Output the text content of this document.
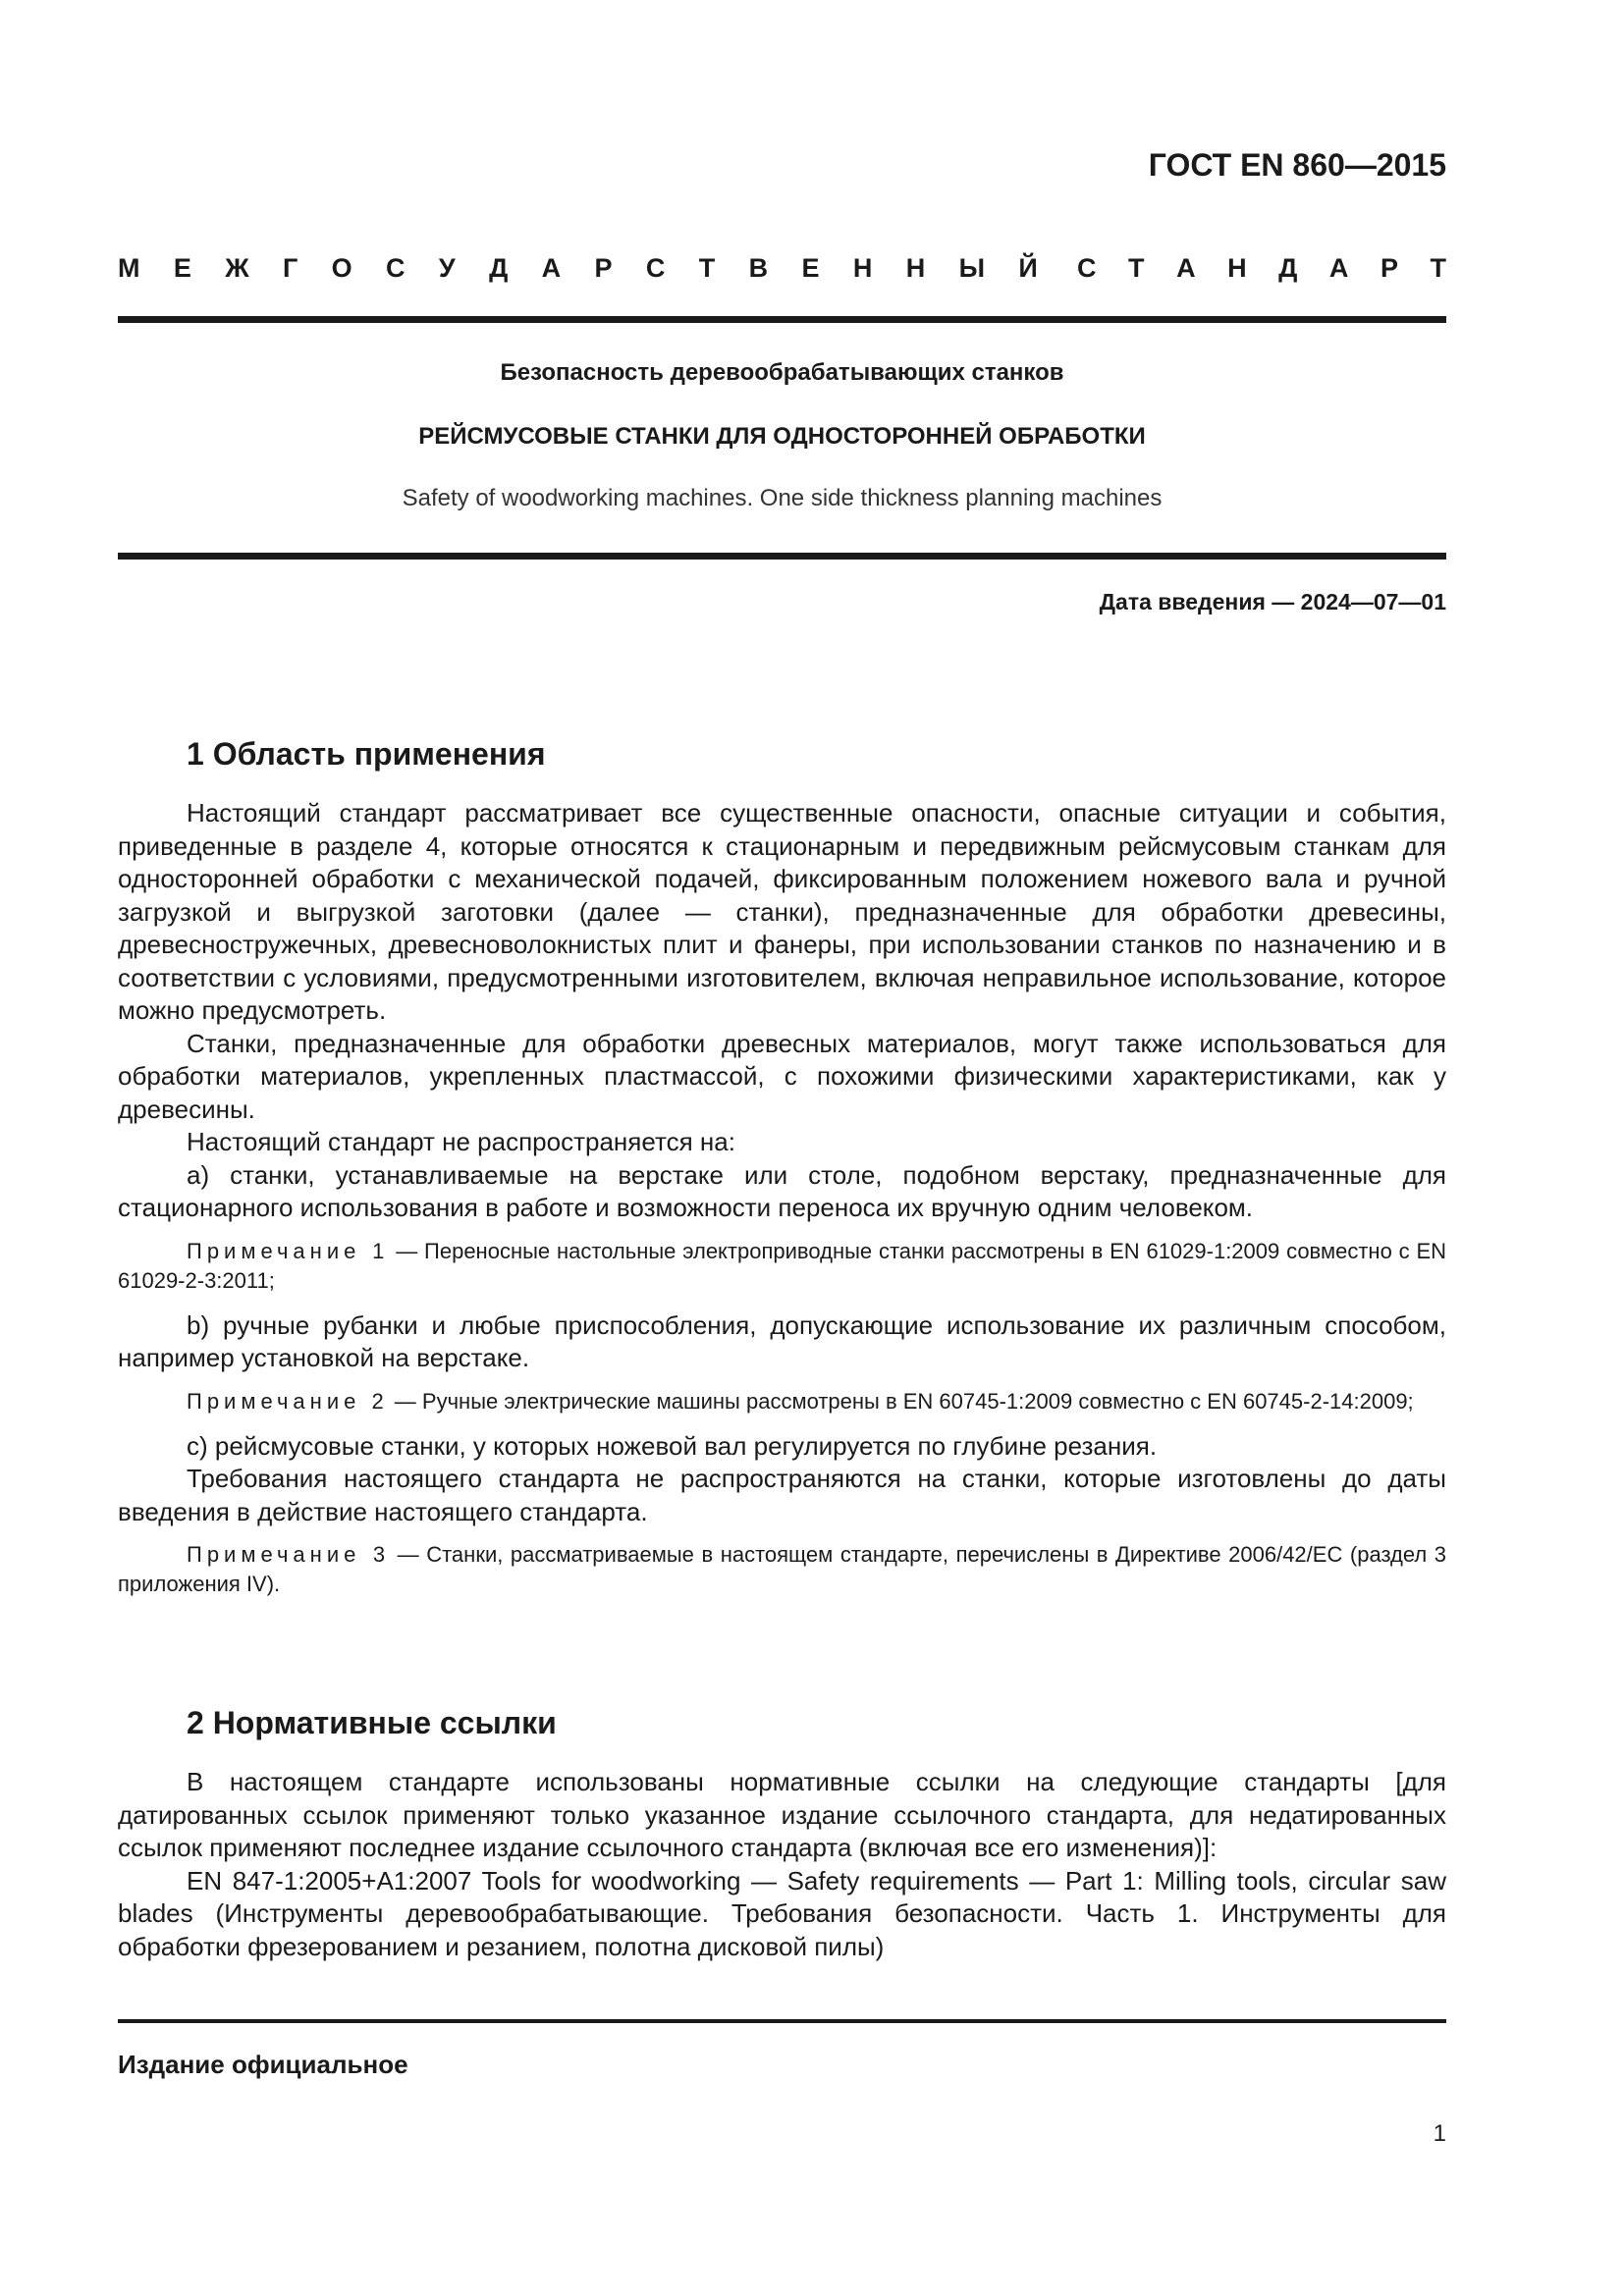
ГОСТ EN 860—2015
М Е Ж Г О С У Д А Р С Т В Е Н Н Ы Й С Т А Н Д А Р Т
Безопасность деревообрабатывающих станков
РЕЙСМУСОВЫЕ СТАНКИ ДЛЯ ОДНОСТОРОННЕЙ ОБРАБОТКИ
Safety of woodworking machines. One side thickness planning machines
Дата введения — 2024—07—01
1 Область применения

Настоящий стандарт рассматривает все существенные опасности, опасные ситуации и события, приведенные в разделе 4, которые относятся к стационарным и передвижным рейсмусовым станкам для односторонней обработки с механической подачей, фиксированным положением ножевого вала и ручной загрузкой и выгрузкой заготовки (далее — станки), предназначенные для обработки древесины, древесностружечных, древесноволокнистых плит и фанеры, при использовании станков по назначению и в соответствии с условиями, предусмотренными изготовителем, включая неправильное использование, которое можно предусмотреть.

Станки, предназначенные для обработки древесных материалов, могут также использоваться для обработки материалов, укрепленных пластмассой, с похожими физическими характеристиками, как у древесины.

Настоящий стандарт не распространяется на:

а) станки, устанавливаемые на верстаке или столе, подобном верстаку, предназначенные для стационарного использования в работе и возможности переноса их вручную одним человеком.

Примечание 1 — Переносные настольные электроприводные станки рассмотрены в EN 61029-1:2009 совместно с EN 61029-2-3:2011;

b) ручные рубанки и любые приспособления, допускающие использование их различным способом, например установкой на верстаке.

Примечание 2 — Ручные электрические машины рассмотрены в EN 60745-1:2009 совместно с EN 60745-2-14:2009;

c) рейсмусовые станки, у которых ножевой вал регулируется по глубине резания.

Требования настоящего стандарта не распространяются на станки, которые изготовлены до даты введения в действие настоящего стандарта.

Примечание 3 — Станки, рассматриваемые в настоящем стандарте, перечислены в Директиве 2006/42/ЕС (раздел 3 приложения IV).

2 Нормативные ссылки

В настоящем стандарте использованы нормативные ссылки на следующие стандарты [для датированных ссылок применяют только указанное издание ссылочного стандарта, для недатированных ссылок применяют последнее издание ссылочного стандарта (включая все его изменения)]:

EN 847-1:2005+A1:2007 Tools for woodworking — Safety requirements — Part 1: Milling tools, circular saw blades (Инструменты деревообрабатывающие. Требования безопасности. Часть 1. Инструменты для обработки фрезерованием и резанием, полотна дисковой пилы)

Издание официальное
1
